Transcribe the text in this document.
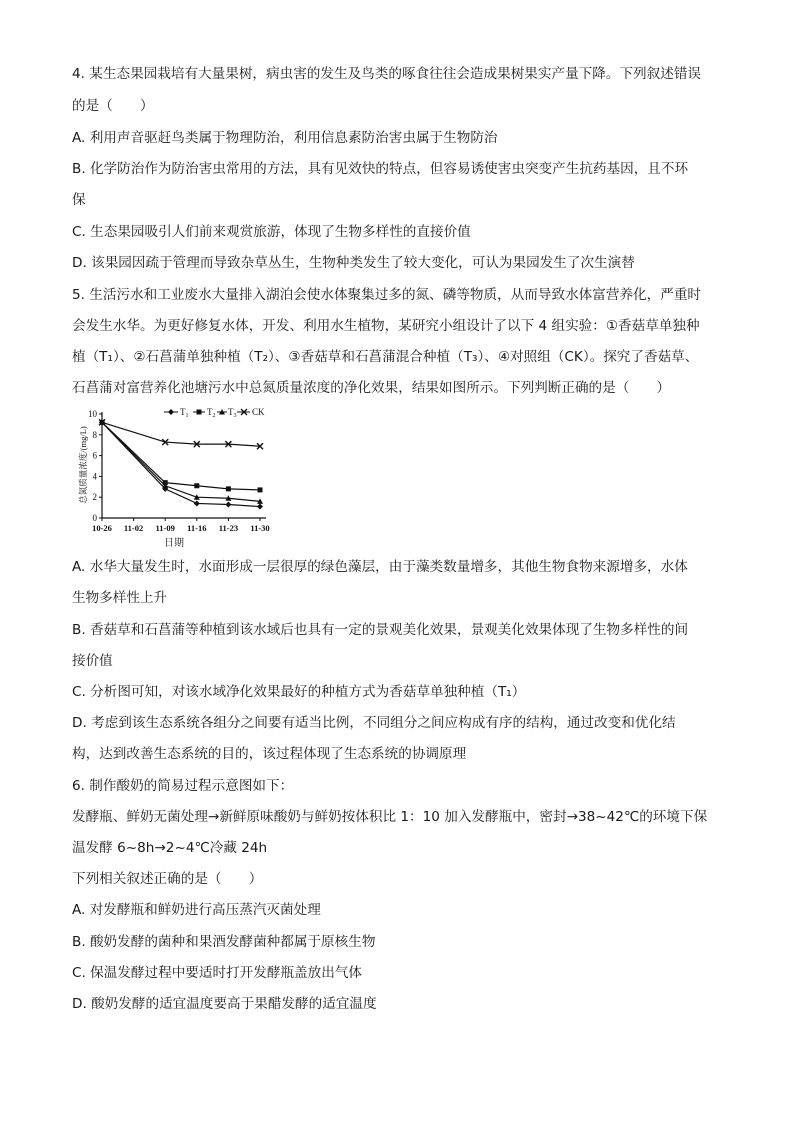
4. 某生态果园栽培有大量果树，病虫害的发生及鸟类的啄食往往会造成果树果实产量下降。下列叙述错误
的是（　　）
A. 利用声音驱赶鸟类属于物理防治，利用信息素防治害虫属于生物防治
B. 化学防治作为防治害虫常用的方法，具有见效快的特点，但容易诱使害虫突变产生抗药基因，且不环
保
C. 生态果园吸引人们前来观赏旅游，体现了生物多样性的直接价值
D. 该果园因疏于管理而导致杂草丛生，生物种类发生了较大变化，可认为果园发生了次生演替
5. 生活污水和工业废水大量排入湖泊会使水体聚集过多的氮、磷等物质，从而导致水体富营养化，严重时
会发生水华。为更好修复水体，开发、利用水生植物，某研究小组设计了以下 4 组实验：①香菇草单独种
植（T₁）、②石菖蒲单独种植（T₂）、③香菇草和石菖蒲混合种植（T₃）、④对照组（CK）。探究了香菇草、
石菖蒲对富营养化池塘污水中总氮质量浓度的净化效果，结果如图所示。下列判断正确的是（　　）
0
2
4
6
8
10
10-26 11-02 11-09 11-16 11-23 11-30
$T_1$ $T_2$ $T_3$ CK
日期
总氮质量浓度/(mg/L)
A. 水华大量发生时，水面形成一层很厚的绿色藻层，由于藻类数量增多，其他生物食物来源增多，水体
生物多样性上升
B. 香菇草和石菖蒲等种植到该水域后也具有一定的景观美化效果，景观美化效果体现了生物多样性的间
接价值
C. 分析图可知，对该水域净化效果最好的种植方式为香菇草单独种植（T₁）
D. 考虑到该生态系统各组分之间要有适当比例，不同组分之间应构成有序的结构，通过改变和优化结
构，达到改善生态系统的目的，该过程体现了生态系统的协调原理
6. 制作酸奶的简易过程示意图如下：
发酵瓶、鲜奶无菌处理→新鲜原味酸奶与鲜奶按体积比 1：10 加入发酵瓶中，密封→38~42℃的环境下保
温发酵 6~8h→2~4℃冷藏 24h
下列相关叙述正确的是（　　）
A. 对发酵瓶和鲜奶进行高压蒸汽灭菌处理
B. 酸奶发酵的菌种和果酒发酵菌种都属于原核生物
C. 保温发酵过程中要适时打开发酵瓶盖放出气体
D. 酸奶发酵的适宜温度要高于果醋发酵的适宜温度
